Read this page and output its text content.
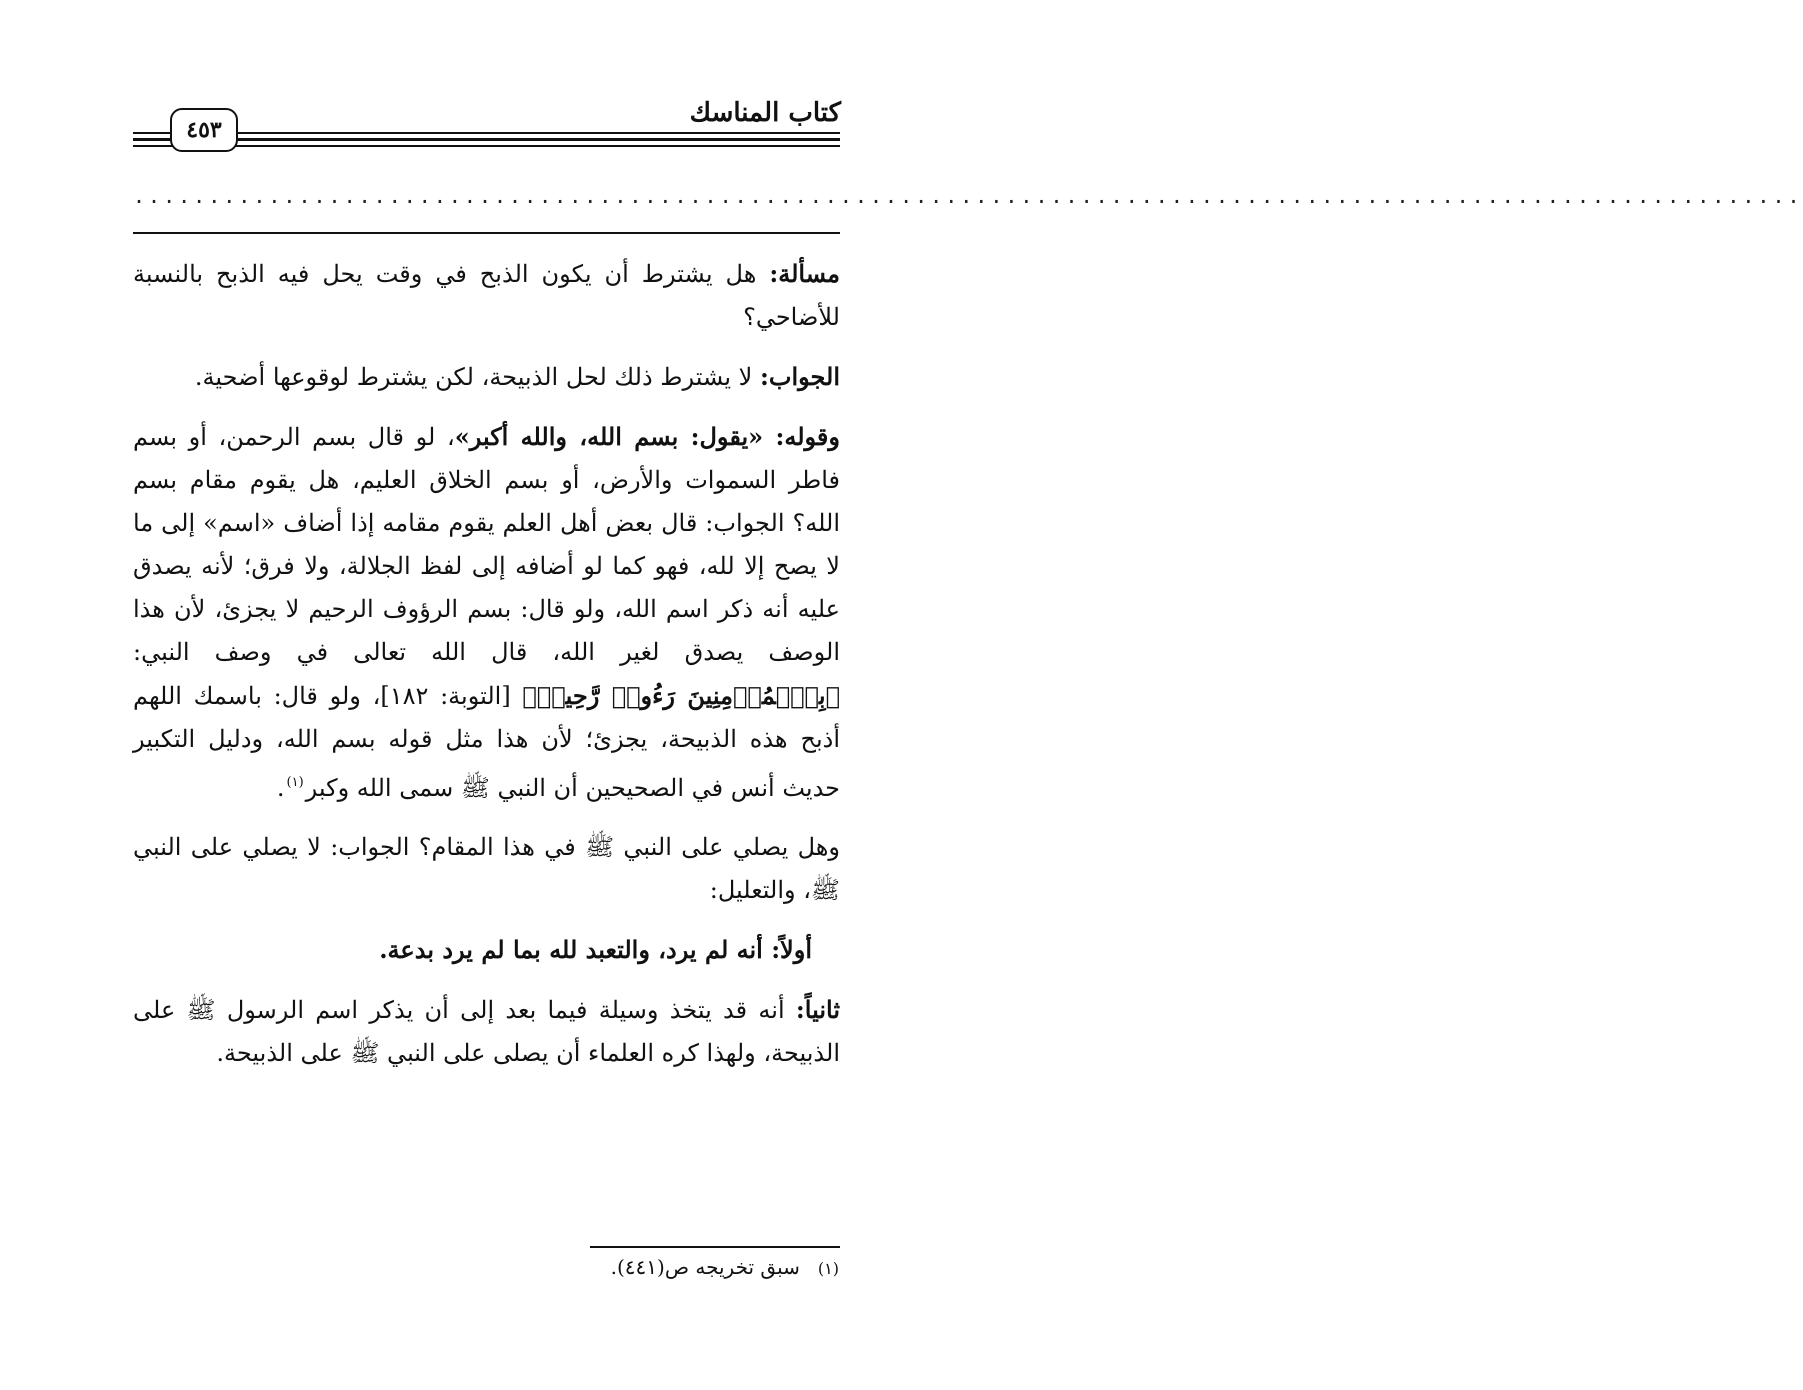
كتاب المناسك
٤٥٣
...............................................................................................................

مسألة: هل يشترط أن يكون الذبح في وقت يحل فيه الذبح بالنسبة للأضاحي؟

الجواب: لا يشترط ذلك لحل الذبيحة، لكن يشترط لوقوعها أضحية.

وقوله: «يقول: بسم الله، والله أكبر»، لو قال بسم الرحمن، أو بسم فاطر السموات والأرض، أو بسم الخلاق العليم، هل يقوم مقام بسم الله؟ الجواب: قال بعض أهل العلم يقوم مقامه إذا أضاف «اسم» إلى ما لا يصح إلا لله، فهو كما لو أضافه إلى لفظ الجلالة، ولا فرق؛ لأنه يصدق عليه أنه ذكر اسم الله، ولو قال: بسم الرؤوف الرحيم لا يجزئ، لأن هذا الوصف يصدق لغير الله، قال الله تعالى في وصف النبي: ﴿بِٱلۡمُؤۡمِنِينَ رَءُوفٞ رَّحِيمٞ﴾ [التوبة: ١٨٢]، ولو قال: باسمك اللهم أذبح هذه الذبيحة، يجزئ؛ لأن هذا مثل قوله بسم الله، ودليل التكبير حديث أنس في الصحيحين أن النبي ﷺ سمى الله وكبر$^{(١)}$.

وهل يصلي على النبي ﷺ في هذا المقام؟ الجواب: لا يصلي على النبي ﷺ، والتعليل:

أولاً: أنه لم يرد، والتعبد لله بما لم يرد بدعة.

ثانياً: أنه قد يتخذ وسيلة فيما بعد إلى أن يذكر اسم الرسول ﷺ على الذبيحة، ولهذا كره العلماء أن يصلى على النبي ﷺ على الذبيحة.

(١)سبق تخريجه ص(٤٤١).
